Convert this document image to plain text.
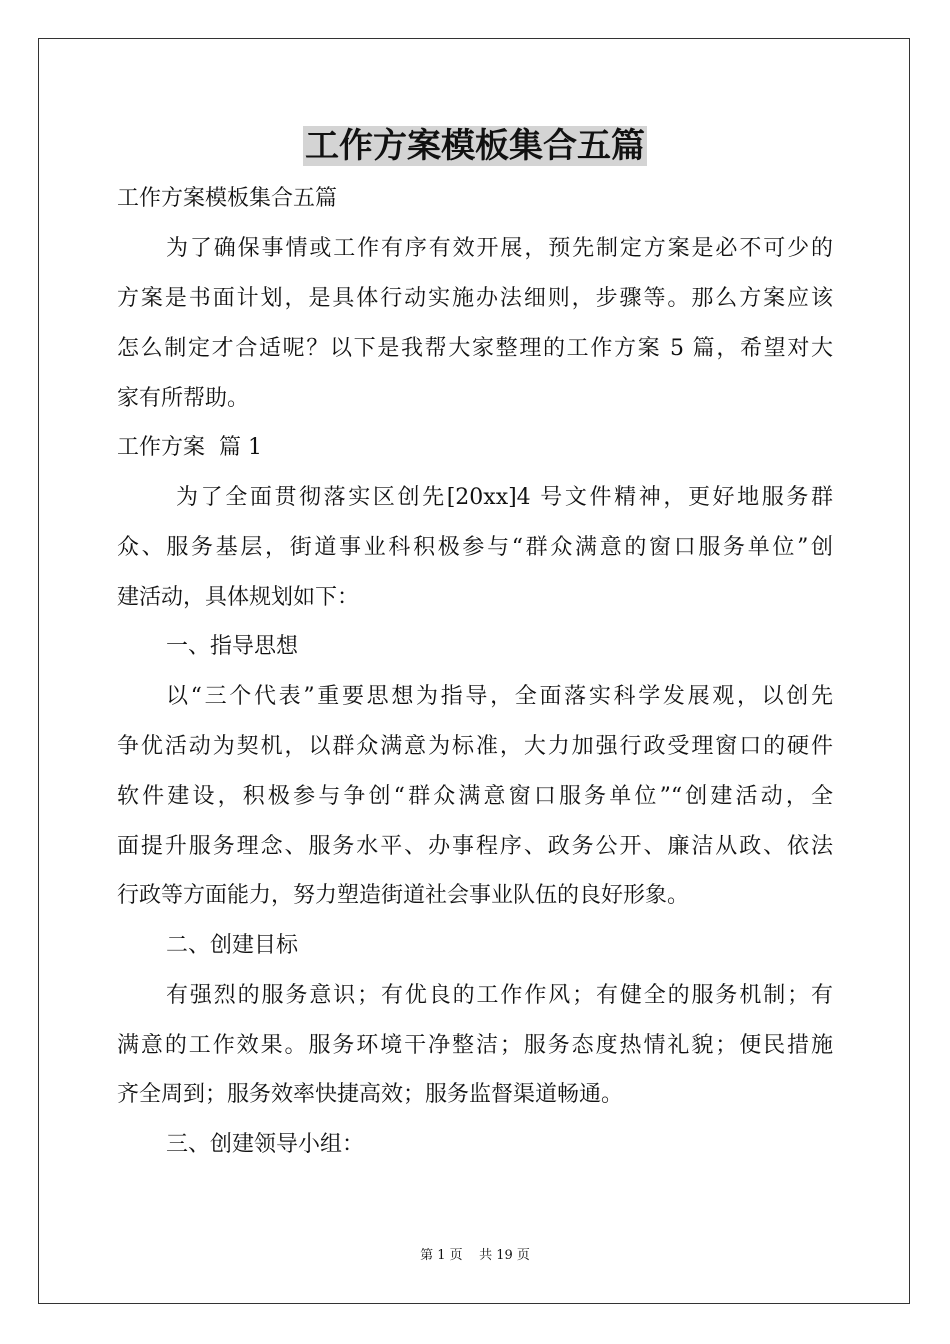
工作方案模板集合五篇

工作方案模板集合五篇

为了确保事情或工作有序有效开展，预先制定方案是必不可少的

方案是书面计划，是具体行动实施办法细则，步骤等。那么方案应该

怎么制定才合适呢？以下是我帮大家整理的工作方案 5 篇，希望对大

家有所帮助。

工作方案  篇 1

为了全面贯彻落实区创先[20xx]4 号文件精神，更好地服务群

众、服务基层，街道事业科积极参与“群众满意的窗口服务单位”创

建活动，具体规划如下：

一、指导思想

以“三个代表”重要思想为指导，全面落实科学发展观，以创先

争优活动为契机，以群众满意为标准，大力加强行政受理窗口的硬件

软件建设，积极参与争创“群众满意窗口服务单位”“创建活动，全

面提升服务理念、服务水平、办事程序、政务公开、廉洁从政、依法

行政等方面能力，努力塑造街道社会事业队伍的良好形象。

二、创建目标

有强烈的服务意识；有优良的工作作风；有健全的服务机制；有

满意的工作效果。服务环境干净整洁；服务态度热情礼貌；便民措施

齐全周到；服务效率快捷高效；服务监督渠道畅通。

三、创建领导小组：

第 1 页    共 19 页
